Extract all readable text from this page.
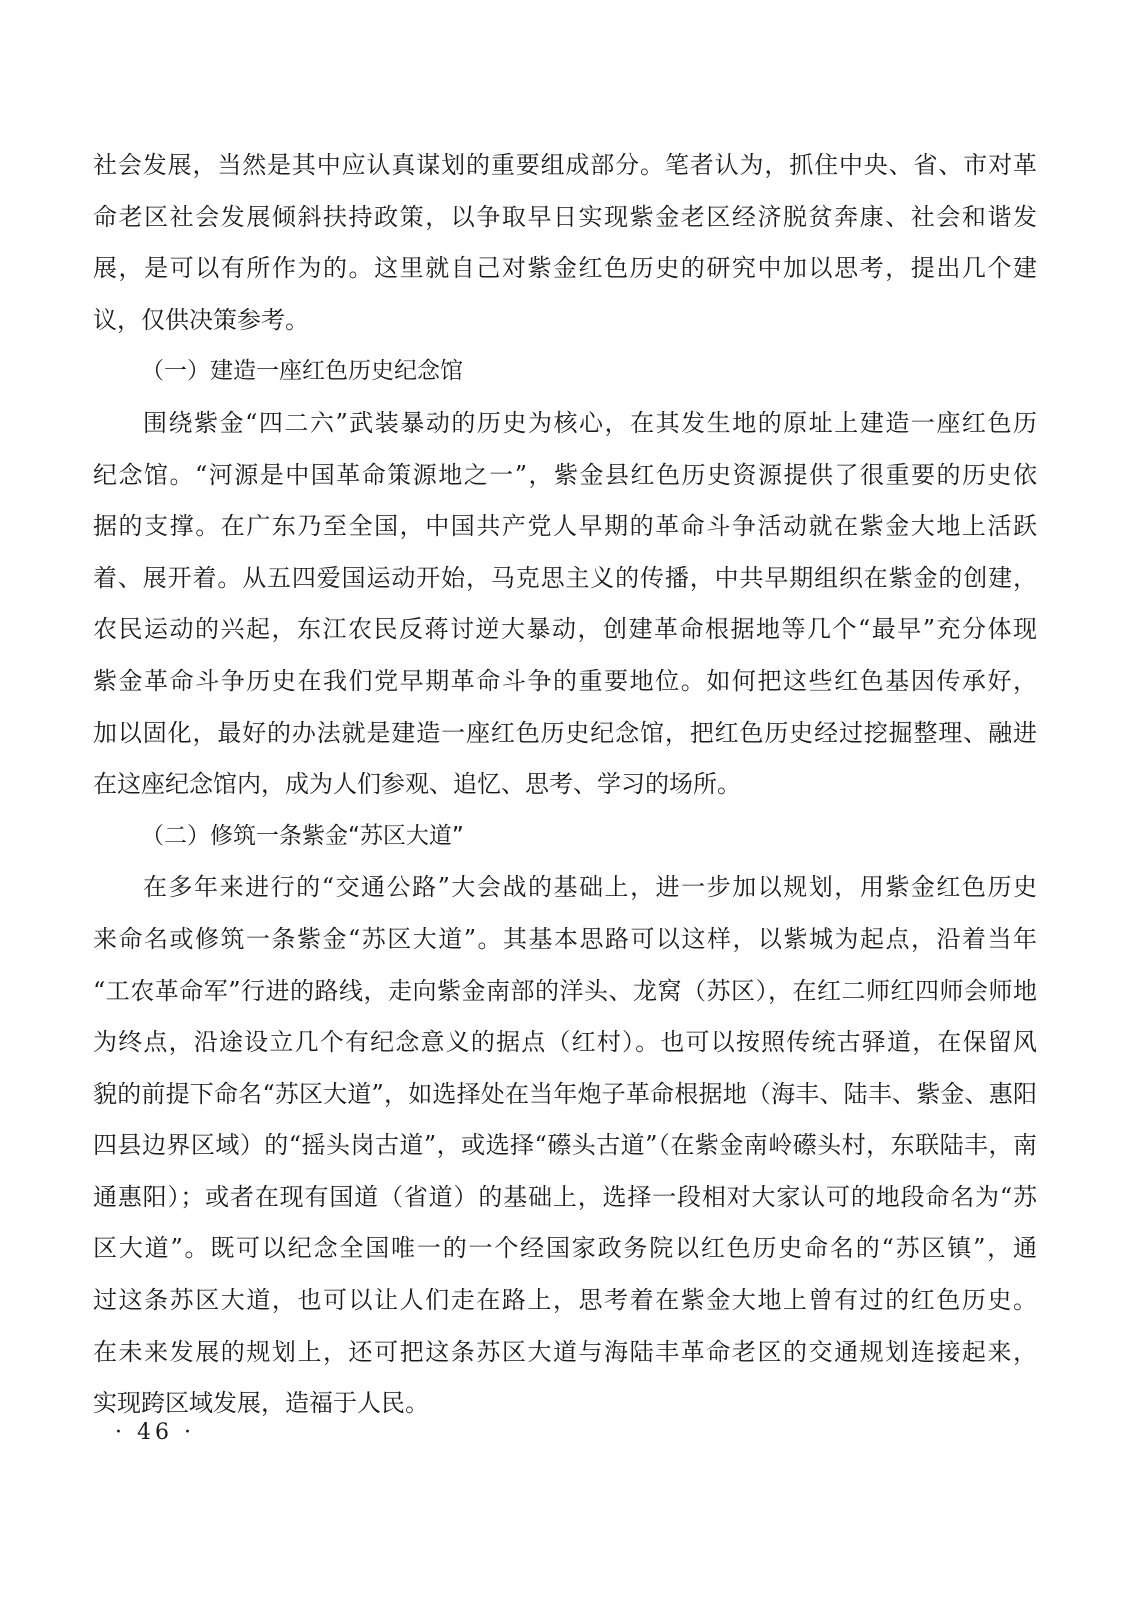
社会发展，当然是其中应认真谋划的重要组成部分。笔者认为，抓住中央、省、市对革
命老区社会发展倾斜扶持政策，以争取早日实现紫金老区经济脱贫奔康、社会和谐发
展，是可以有所作为的。这里就自己对紫金红色历史的研究中加以思考，提出几个建
议，仅供决策参考。
（一）建造一座红色历史纪念馆
围绕紫金“四二六”武装暴动的历史为核心，在其发生地的原址上建造一座红色历
纪念馆。“河源是中国革命策源地之一”，紫金县红色历史资源提供了很重要的历史依
据的支撑。在广东乃至全国，中国共产党人早期的革命斗争活动就在紫金大地上活跃
着、展开着。从五四爱国运动开始，马克思主义的传播，中共早期组织在紫金的创建，
农民运动的兴起，东江农民反蒋讨逆大暴动，创建革命根据地等几个“最早”充分体现
紫金革命斗争历史在我们党早期革命斗争的重要地位。如何把这些红色基因传承好，
加以固化，最好的办法就是建造一座红色历史纪念馆，把红色历史经过挖掘整理、融进
在这座纪念馆内，成为人们参观、追忆、思考、学习的场所。
（二）修筑一条紫金“苏区大道”
在多年来进行的“交通公路”大会战的基础上，进一步加以规划，用紫金红色历史
来命名或修筑一条紫金“苏区大道”。其基本思路可以这样，以紫城为起点，沿着当年
“工农革命军”行进的路线，走向紫金南部的洋头、龙窝（苏区），在红二师红四师会师地
为终点，沿途设立几个有纪念意义的据点（红村）。也可以按照传统古驿道，在保留风
貌的前提下命名“苏区大道”，如选择处在当年炮子革命根据地（海丰、陆丰、紫金、惠阳
四县边界区域）的“摇头岗古道”，或选择“礤头古道”（在紫金南岭礤头村，东联陆丰，南
通惠阳）；或者在现有国道（省道）的基础上，选择一段相对大家认可的地段命名为“苏
区大道”。既可以纪念全国唯一的一个经国家政务院以红色历史命名的“苏区镇”，通
过这条苏区大道，也可以让人们走在路上，思考着在紫金大地上曾有过的红色历史。
在未来发展的规划上，还可把这条苏区大道与海陆丰革命老区的交通规划连接起来，
实现跨区域发展，造福于人民。
· 46 ·
